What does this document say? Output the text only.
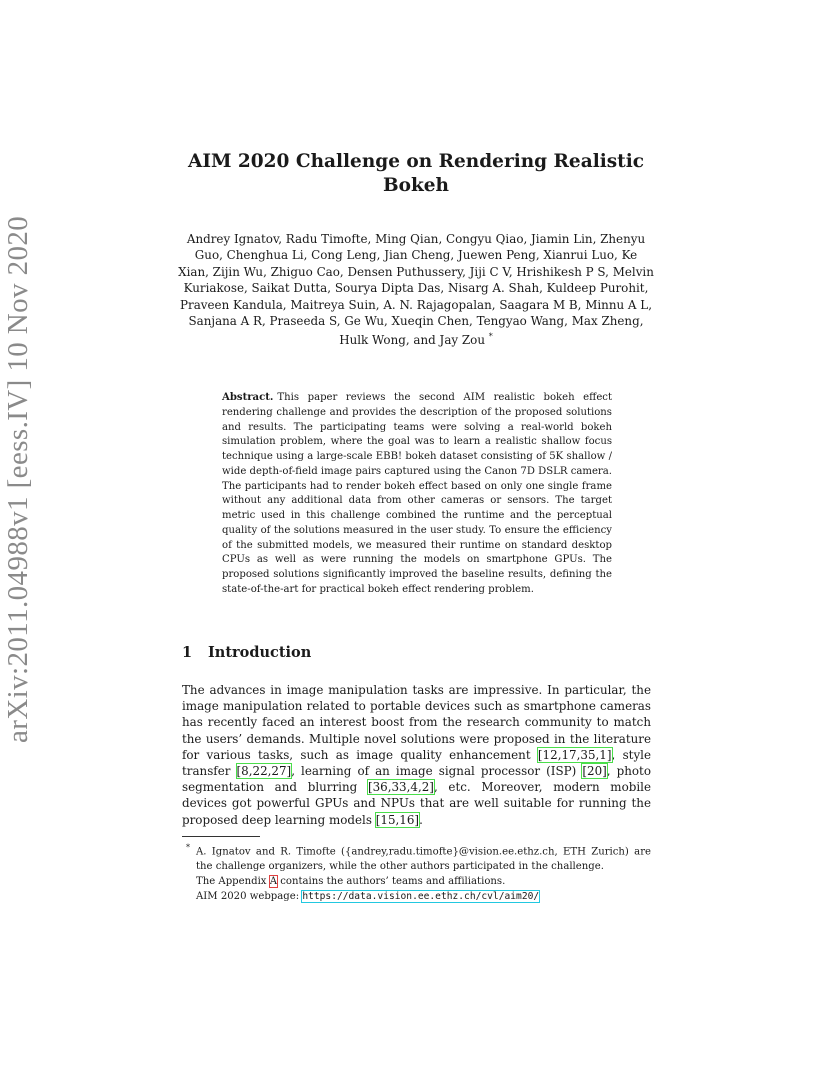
arXiv:2011.04988v1 [eess.IV] 10 Nov 2020
AIM 2020 Challenge on Rendering Realistic Bokeh
Andrey Ignatov, Radu Timofte, Ming Qian, Congyu Qiao, Jiamin Lin, Zhenyu Guo, Chenghua Li, Cong Leng, Jian Cheng, Juewen Peng, Xianrui Luo, Ke Xian, Zijin Wu, Zhiguo Cao, Densen Puthussery, Jiji C V, Hrishikesh P S, Melvin Kuriakose, Saikat Dutta, Sourya Dipta Das, Nisarg A. Shah, Kuldeep Purohit, Praveen Kandula, Maitreya Suin, A. N. Rajagopalan, Saagara M B, Minnu A L, Sanjana A R, Praseeda S, Ge Wu, Xueqin Chen, Tengyao Wang, Max Zheng, Hulk Wong, and Jay Zou *
Abstract. This paper reviews the second AIM realistic bokeh effect rendering challenge and provides the description of the proposed solutions and results. The participating teams were solving a real-world bokeh simulation problem, where the goal was to learn a realistic shallow focus technique using a large-scale EBB! bokeh dataset consisting of 5K shallow / wide depth-of-field image pairs captured using the Canon 7D DSLR camera. The participants had to render bokeh effect based on only one single frame without any additional data from other cameras or sensors. The target metric used in this challenge combined the runtime and the perceptual quality of the solutions measured in the user study. To ensure the efficiency of the submitted models, we measured their runtime on standard desktop CPUs as well as were running the models on smartphone GPUs. The proposed solutions significantly improved the baseline results, defining the state-of-the-art for practical bokeh effect rendering problem.
1 Introduction

The advances in image manipulation tasks are impressive. In particular, the image manipulation related to portable devices such as smartphone cameras has recently faced an interest boost from the research community to match the users’ demands. Multiple novel solutions were proposed in the literature for various tasks, such as image quality enhancement [12,17,35,1], style transfer [8,22,27], learning of an image signal processor (ISP) [20], photo segmentation and blurring [36,33,4,2], etc. Moreover, modern mobile devices got powerful GPUs and NPUs that are well suitable for running the proposed deep learning models [15,16].

* A. Ignatov and R. Timofte ({andrey,radu.timofte}@vision.ee.ethz.ch, ETH Zurich) are the challenge organizers, while the other authors participated in the challenge.

The Appendix A contains the authors’ teams and affiliations.

AIM 2020 webpage: https://data.vision.ee.ethz.ch/cvl/aim20/
